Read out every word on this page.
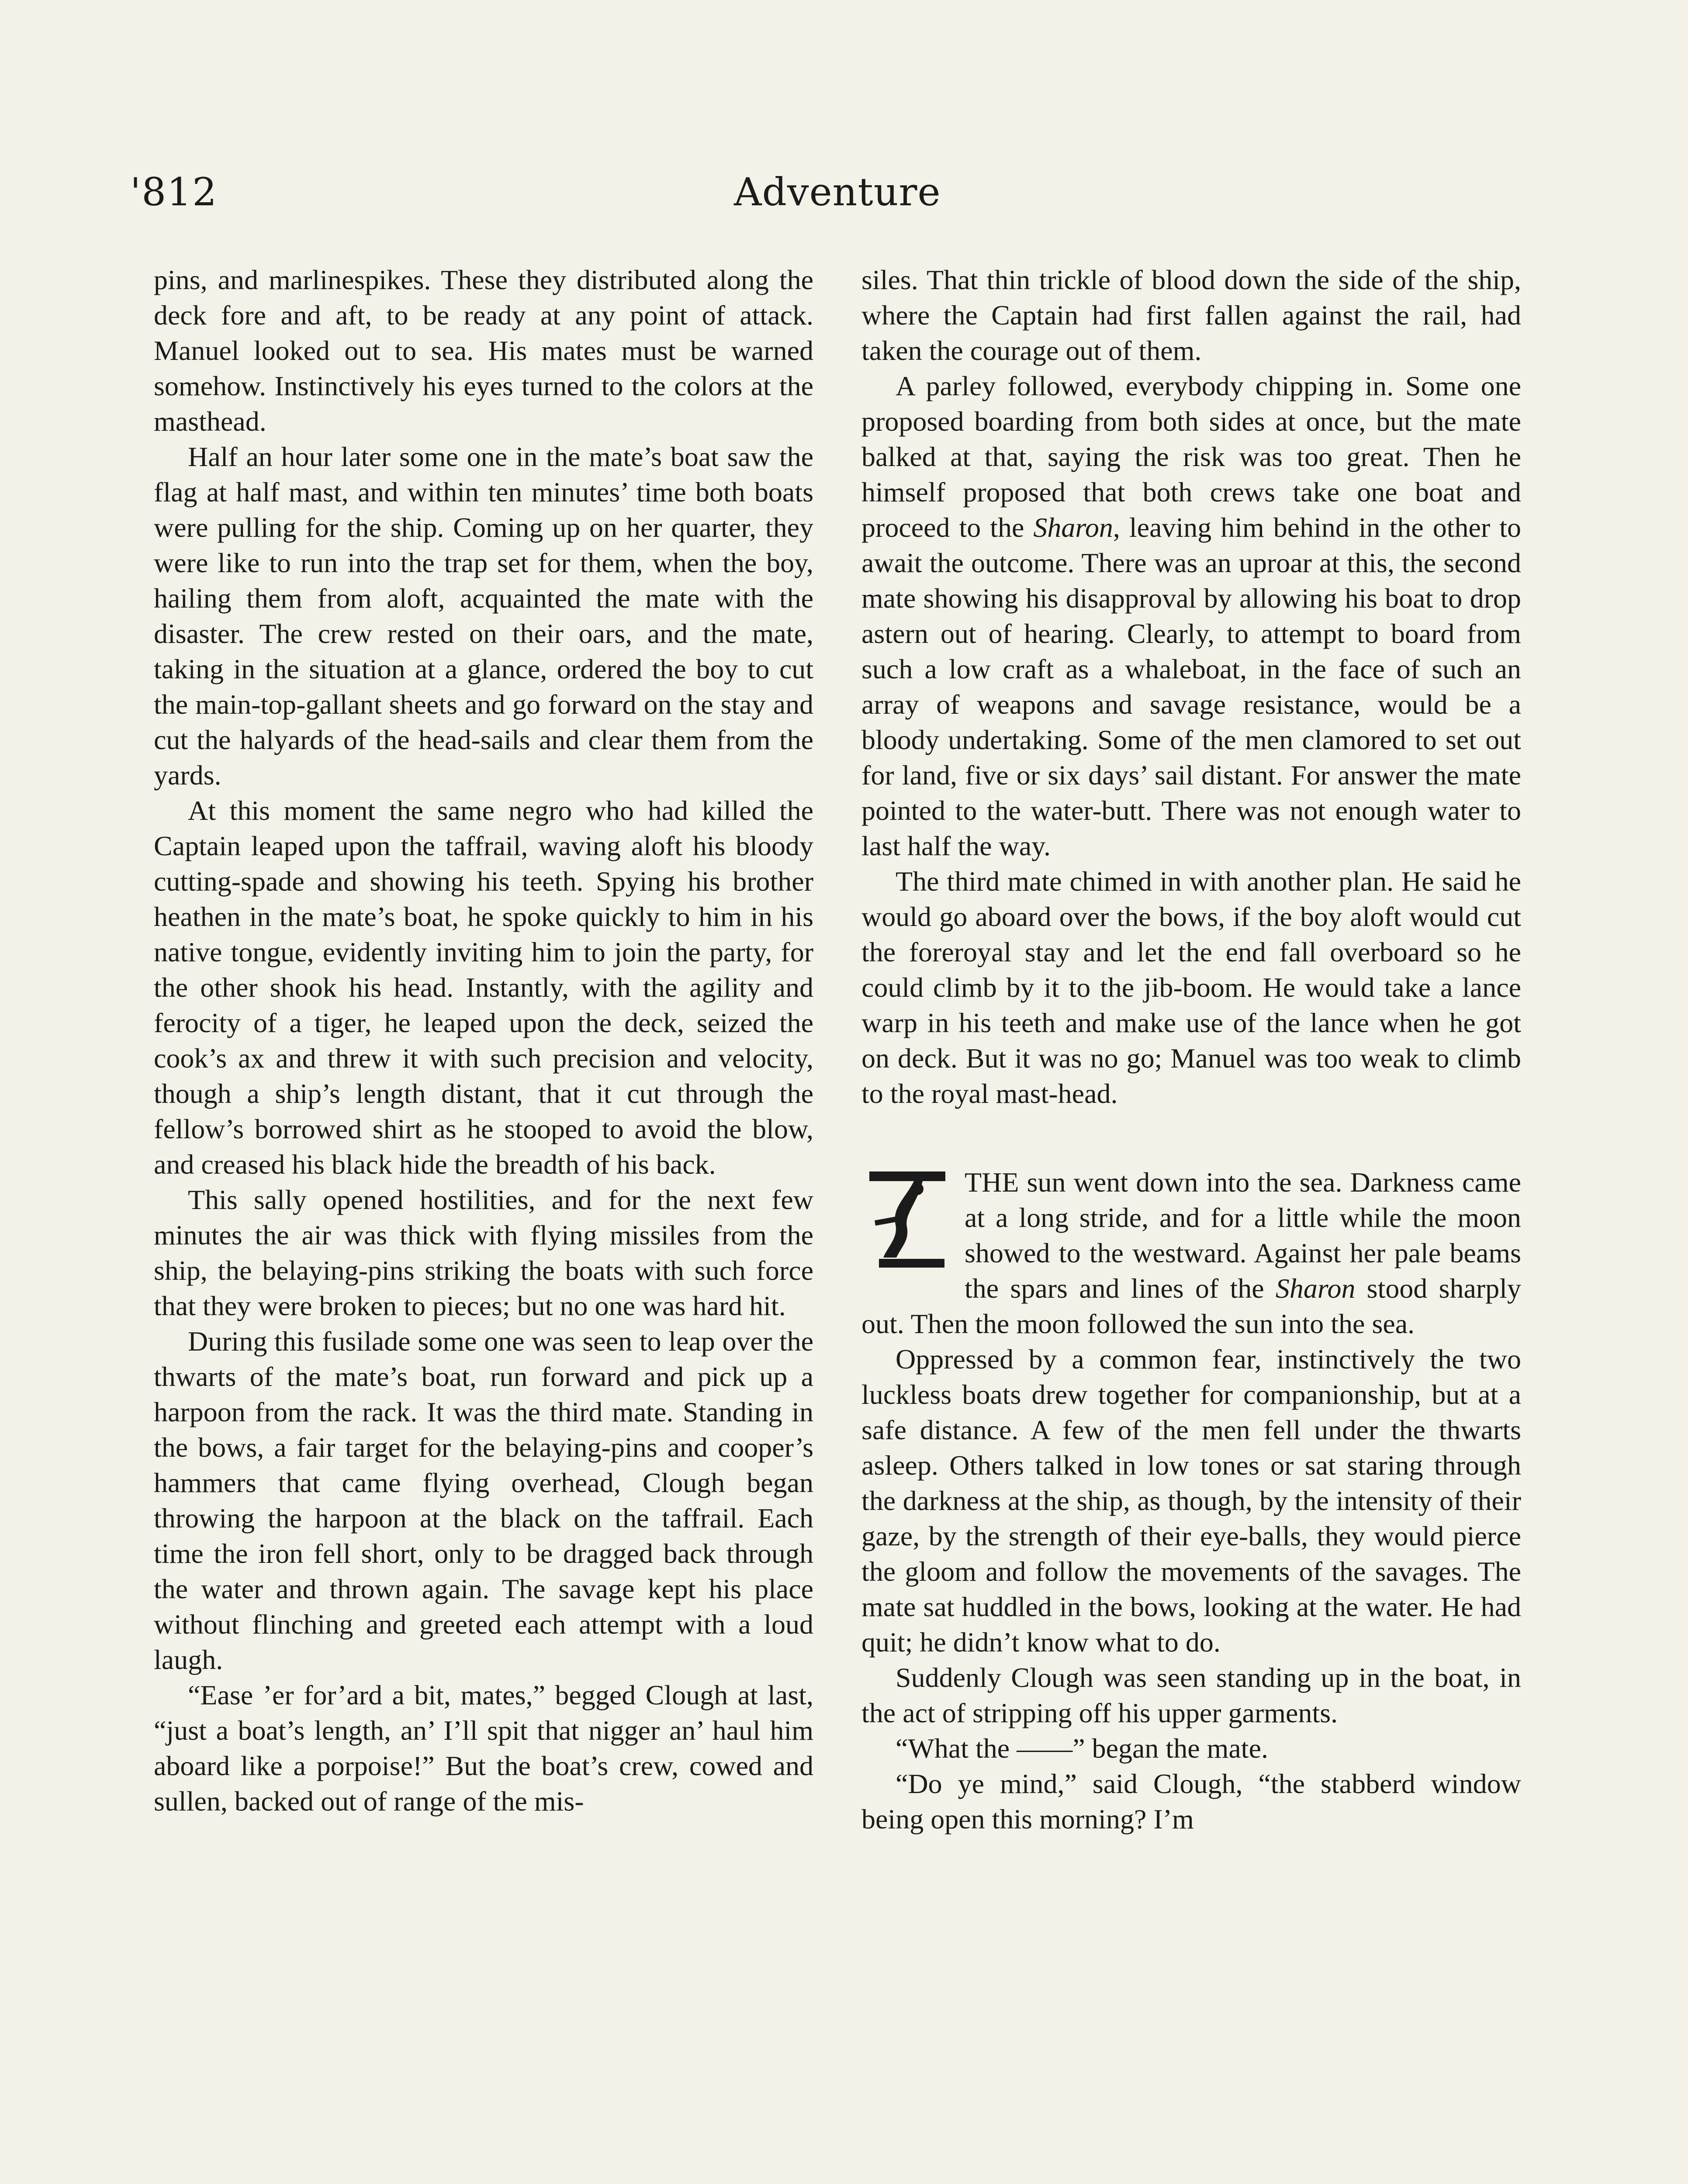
'812	Adventure

pins, and marlinespikes. These they distributed along the deck fore and aft, to be ready at any point of attack. Manuel looked out to sea. His mates must be warned somehow. Instinctively his eyes turned to the colors at the masthead.

Half an hour later some one in the mate’s boat saw the flag at half mast, and within ten minutes’ time both boats were pulling for the ship. Coming up on her quarter, they were like to run into the trap set for them, when the boy, hailing them from aloft, acquainted the mate with the disaster. The crew rested on their oars, and the mate, taking in the situation at a glance, ordered the boy to cut the main-top-gallant sheets and go forward on the stay and cut the halyards of the head-sails and clear them from the yards.

At this moment the same negro who had killed the Captain leaped upon the taffrail, waving aloft his bloody cutting-spade and showing his teeth. Spying his brother heathen in the mate’s boat, he spoke quickly to him in his native tongue, evidently inviting him to join the party, for the other shook his head. Instantly, with the agility and ferocity of a tiger, he leaped upon the deck, seized the cook’s ax and threw it with such precision and velocity, though a ship’s length distant, that it cut through the fellow’s borrowed shirt as he stooped to avoid the blow, and creased his black hide the breadth of his back.

This sally opened hostilities, and for the next few minutes the air was thick with flying missiles from the ship, the belaying-pins striking the boats with such force that they were broken to pieces; but no one was hard hit.

During this fusilade some one was seen to leap over the thwarts of the mate’s boat, run forward and pick up a harpoon from the rack. It was the third mate. Standing in the bows, a fair target for the belaying-pins and cooper’s hammers that came flying overhead, Clough began throwing the harpoon at the black on the taffrail. Each time the iron fell short, only to be dragged back through the water and thrown again. The savage kept his place without flinching and greeted each attempt with a loud laugh.

“Ease ’er for’ard a bit, mates,” begged Clough at last, “just a boat’s length, an’ I’ll spit that nigger an’ haul him aboard like a porpoise!” But the boat’s crew, cowed and sullen, backed out of range of the mis-

siles. That thin trickle of blood down the side of the ship, where the Captain had first fallen against the rail, had taken the courage out of them.

A parley followed, everybody chipping in. Some one proposed boarding from both sides at once, but the mate balked at that, saying the risk was too great. Then he himself proposed that both crews take one boat and proceed to the Sharon, leaving him behind in the other to await the outcome. There was an uproar at this, the second mate showing his disapproval by allowing his boat to drop astern out of hearing. Clearly, to attempt to board from such a low craft as a whaleboat, in the face of such an array of weapons and savage resistance, would be a bloody undertaking. Some of the men clamored to set out for land, five or six days’ sail distant. For answer the mate pointed to the water-butt. There was not enough water to last half the way.

The third mate chimed in with another plan. He said he would go aboard over the bows, if the boy aloft would cut the foreroyal stay and let the end fall overboard so he could climb by it to the jib-boom. He would take a lance warp in his teeth and make use of the lance when he got on deck. But it was no go; Manuel was too weak to climb to the royal mast-head.

THE sun went down into the sea. Darkness came at a long stride, and for a little while the moon showed to the westward. Against her pale beams the spars and lines of the Sharon stood sharply out. Then the moon followed the sun into the sea.

Oppressed by a common fear, instinctively the two luckless boats drew together for companionship, but at a safe distance. A few of the men fell under the thwarts asleep. Others talked in low tones or sat staring through the darkness at the ship, as though, by the intensity of their gaze, by the strength of their eye-balls, they would pierce the gloom and follow the movements of the savages. The mate sat huddled in the bows, looking at the water. He had quit; he didn’t know what to do.

Suddenly Clough was seen standing up in the boat, in the act of stripping off his upper garments.

“What the ——” began the mate.

“Do ye mind,” said Clough, “the stabberd window being open this morning? I’m
